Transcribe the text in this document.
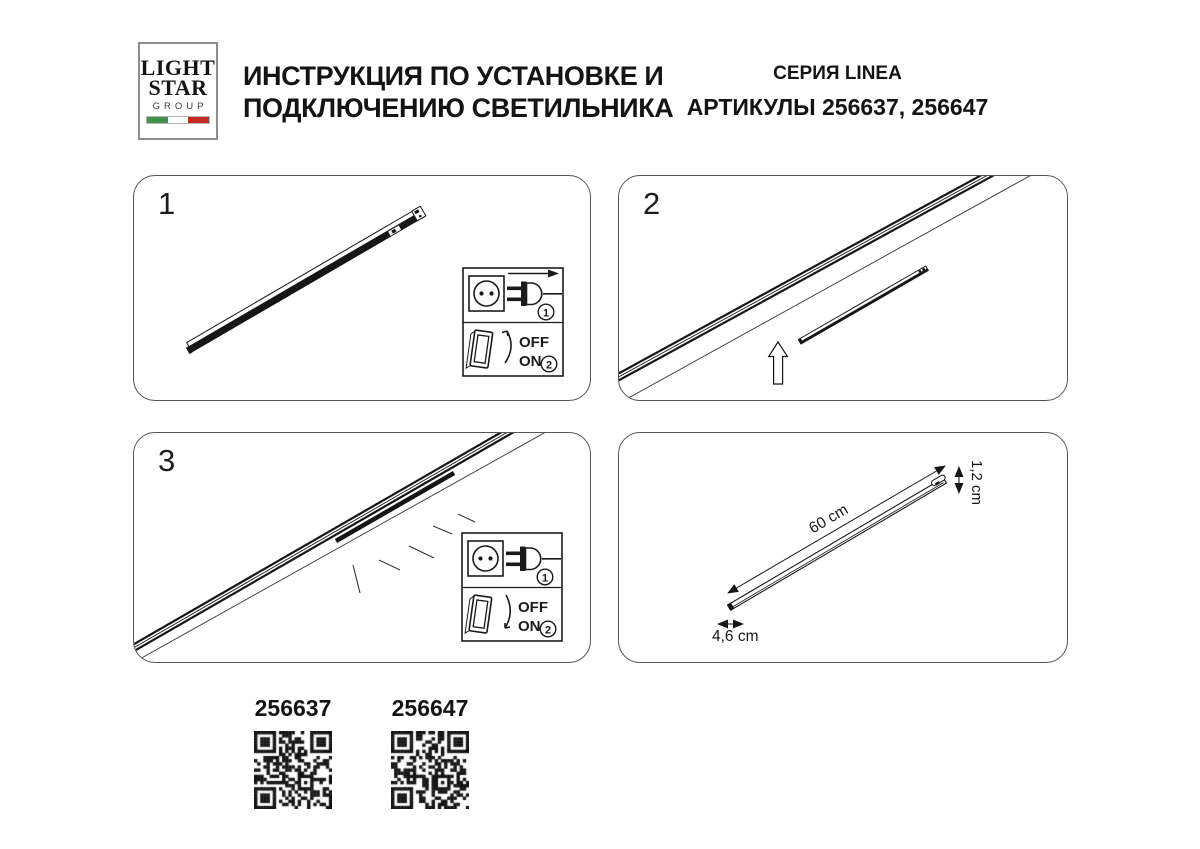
LIGHT
STAR
GROUP
ИНСТРУКЦИЯ ПО УСТАНОВКЕ И
ПОДКЛЮЧЕНИЮ СВЕТИЛЬНИКА
СЕРИЯ LINEA
АРТИКУЛЫ 256637, 256647
1
1
OFF
ON 2
2
3
1
OFF
ON 2
60 cm
1,2 cm
4,6 cm
256637	256647
